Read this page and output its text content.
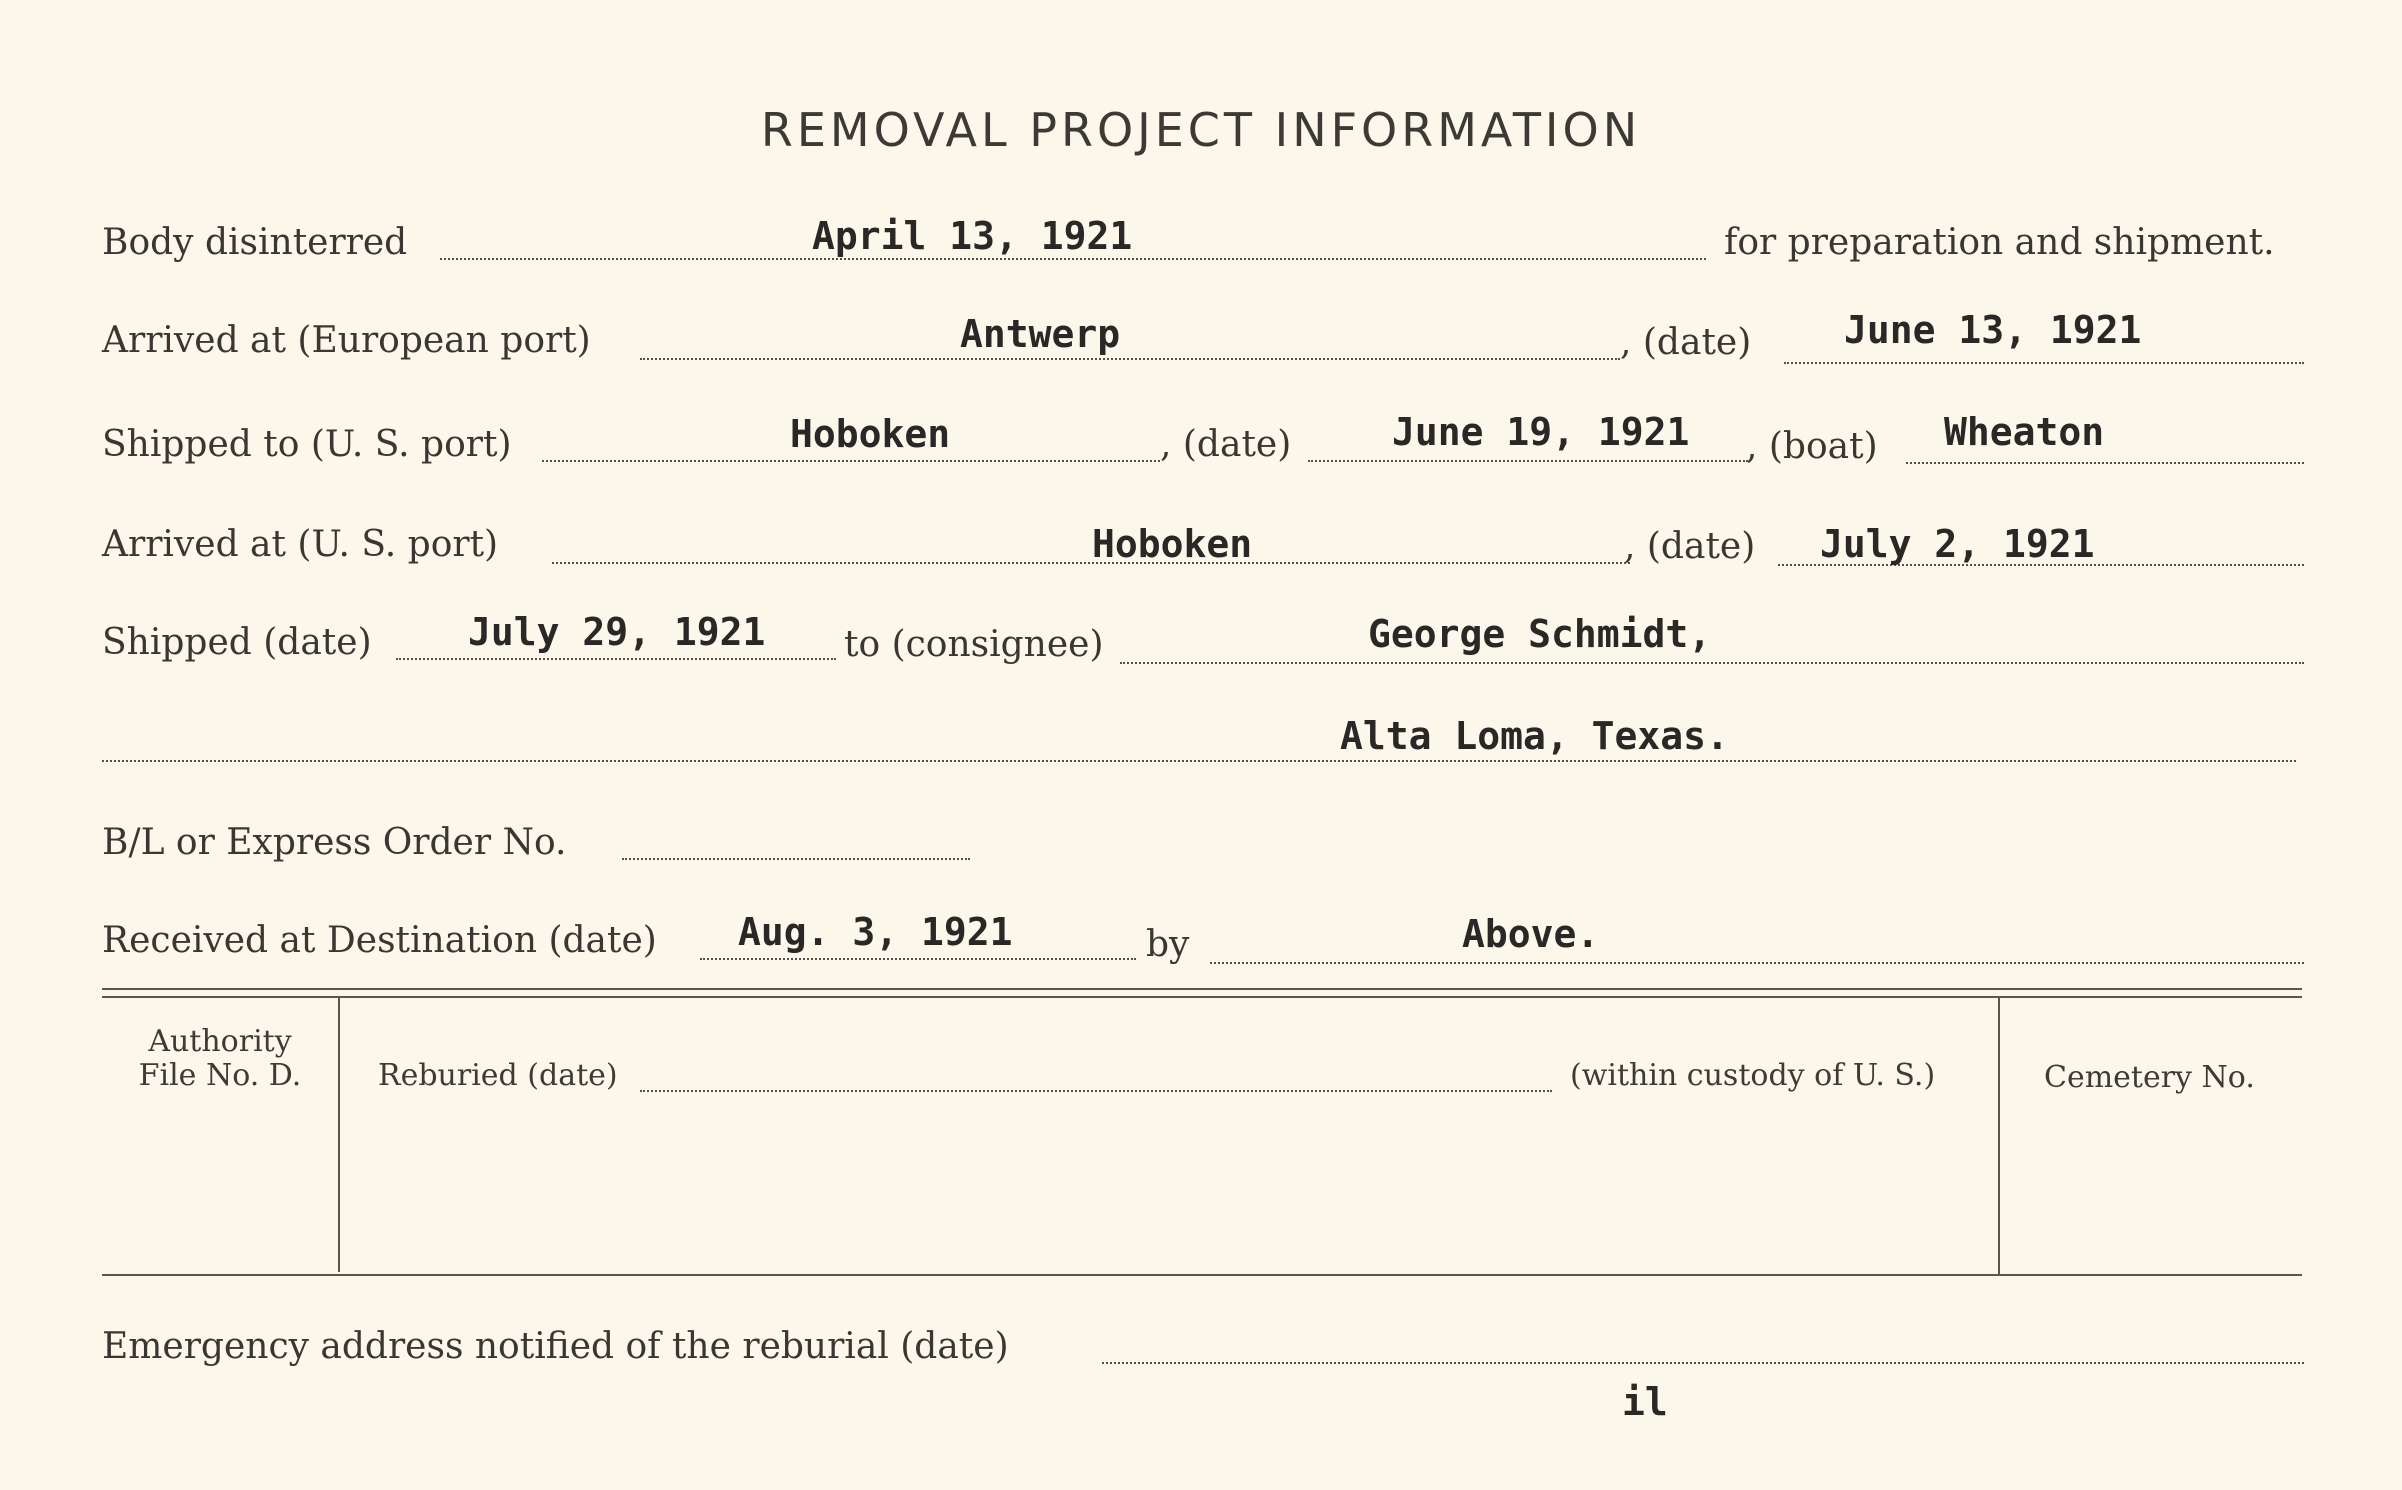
REMOVAL PROJECT INFORMATION
Body disinterred	April 13, 1921	for preparation and shipment.
Arrived at (European port)	Antwerp	, (date) June 13, 1921
Shipped to (U. S. port)	Hoboken	, (date)	June 19, 1921 , (boat) Wheaton
Arrived at (U. S. port)	Hoboken	, (date) July 2, 1921
Shipped (date)	July 29, 1921 to (consignee)	George Schmidt,
Alta Loma, Texas.
B/L or Express Order No.
Received at Destination (date) Aug. 3, 1921	by	Above.
Authority
File No. D.	Reburied (date)	(within custody of U. S.)	Cemetery No.
Emergency address notified of the reburial (date)
il
